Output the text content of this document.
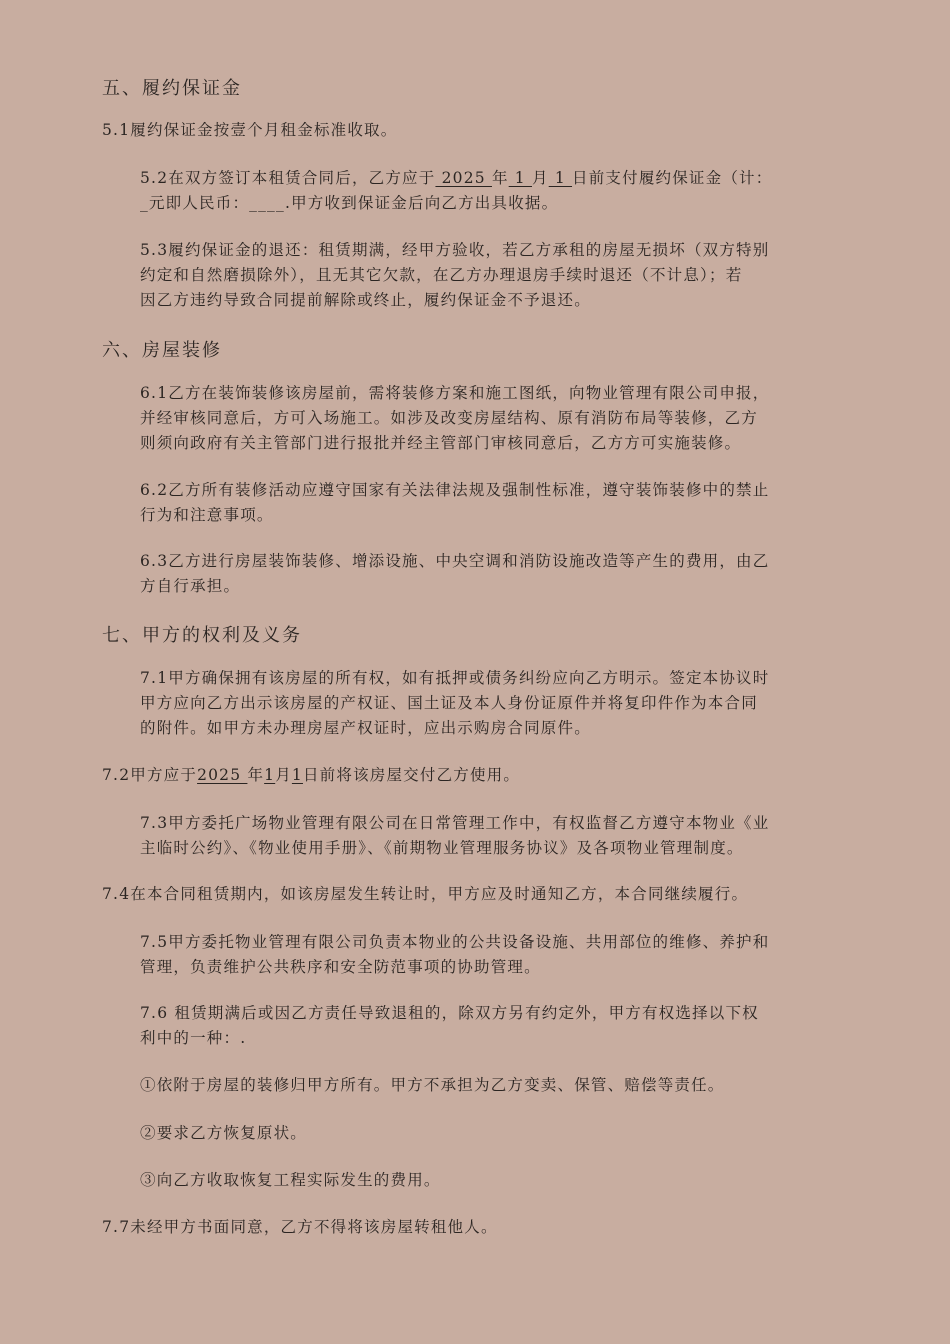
五、履约保证金
5.1履约保证金按壹个月租金标准收取。
5.2在双方签订本租赁合同后，乙方应于 2025 年 1 月 1 日前支付履约保证金（计：
_元即人民币：____.甲方收到保证金后向乙方出具收据。
5.3履约保证金的退还：租赁期满，经甲方验收，若乙方承租的房屋无损坏（双方特别
约定和自然磨损除外），且无其它欠款，在乙方办理退房手续时退还（不计息）；若
因乙方违约导致合同提前解除或终止，履约保证金不予退还。
六、房屋装修
6.1乙方在装饰装修该房屋前，需将装修方案和施工图纸，向物业管理有限公司申报，
并经审核同意后，方可入场施工。如涉及改变房屋结构、原有消防布局等装修，乙方
则须向政府有关主管部门进行报批并经主管部门审核同意后，乙方方可实施装修。
6.2乙方所有装修活动应遵守国家有关法律法规及强制性标准，遵守装饰装修中的禁止
行为和注意事项。
6.3乙方进行房屋装饰装修、增添设施、中央空调和消防设施改造等产生的费用，由乙
方自行承担。
七、甲方的权利及义务
7.1甲方确保拥有该房屋的所有权，如有抵押或债务纠纷应向乙方明示。签定本协议时
甲方应向乙方出示该房屋的产权证、国土证及本人身份证原件并将复印件作为本合同
的附件。如甲方未办理房屋产权证时，应出示购房合同原件。
7.2甲方应于2025 年1月1日前将该房屋交付乙方使用。
7.3甲方委托广场物业管理有限公司在日常管理工作中，有权监督乙方遵守本物业《业
主临时公约》、《物业使用手册》、《前期物业管理服务协议》及各项物业管理制度。
7.4在本合同租赁期内，如该房屋发生转让时，甲方应及时通知乙方，本合同继续履行。
7.5甲方委托物业管理有限公司负责本物业的公共设备设施、共用部位的维修、养护和
管理，负责维护公共秩序和安全防范事项的协助管理。
7.6 租赁期满后或因乙方责任导致退租的，除双方另有约定外，甲方有权选择以下权
利中的一种：.
①依附于房屋的装修归甲方所有。甲方不承担为乙方变卖、保管、赔偿等责任。
②要求乙方恢复原状。
③向乙方收取恢复工程实际发生的费用。
7.7未经甲方书面同意，乙方不得将该房屋转租他人。
